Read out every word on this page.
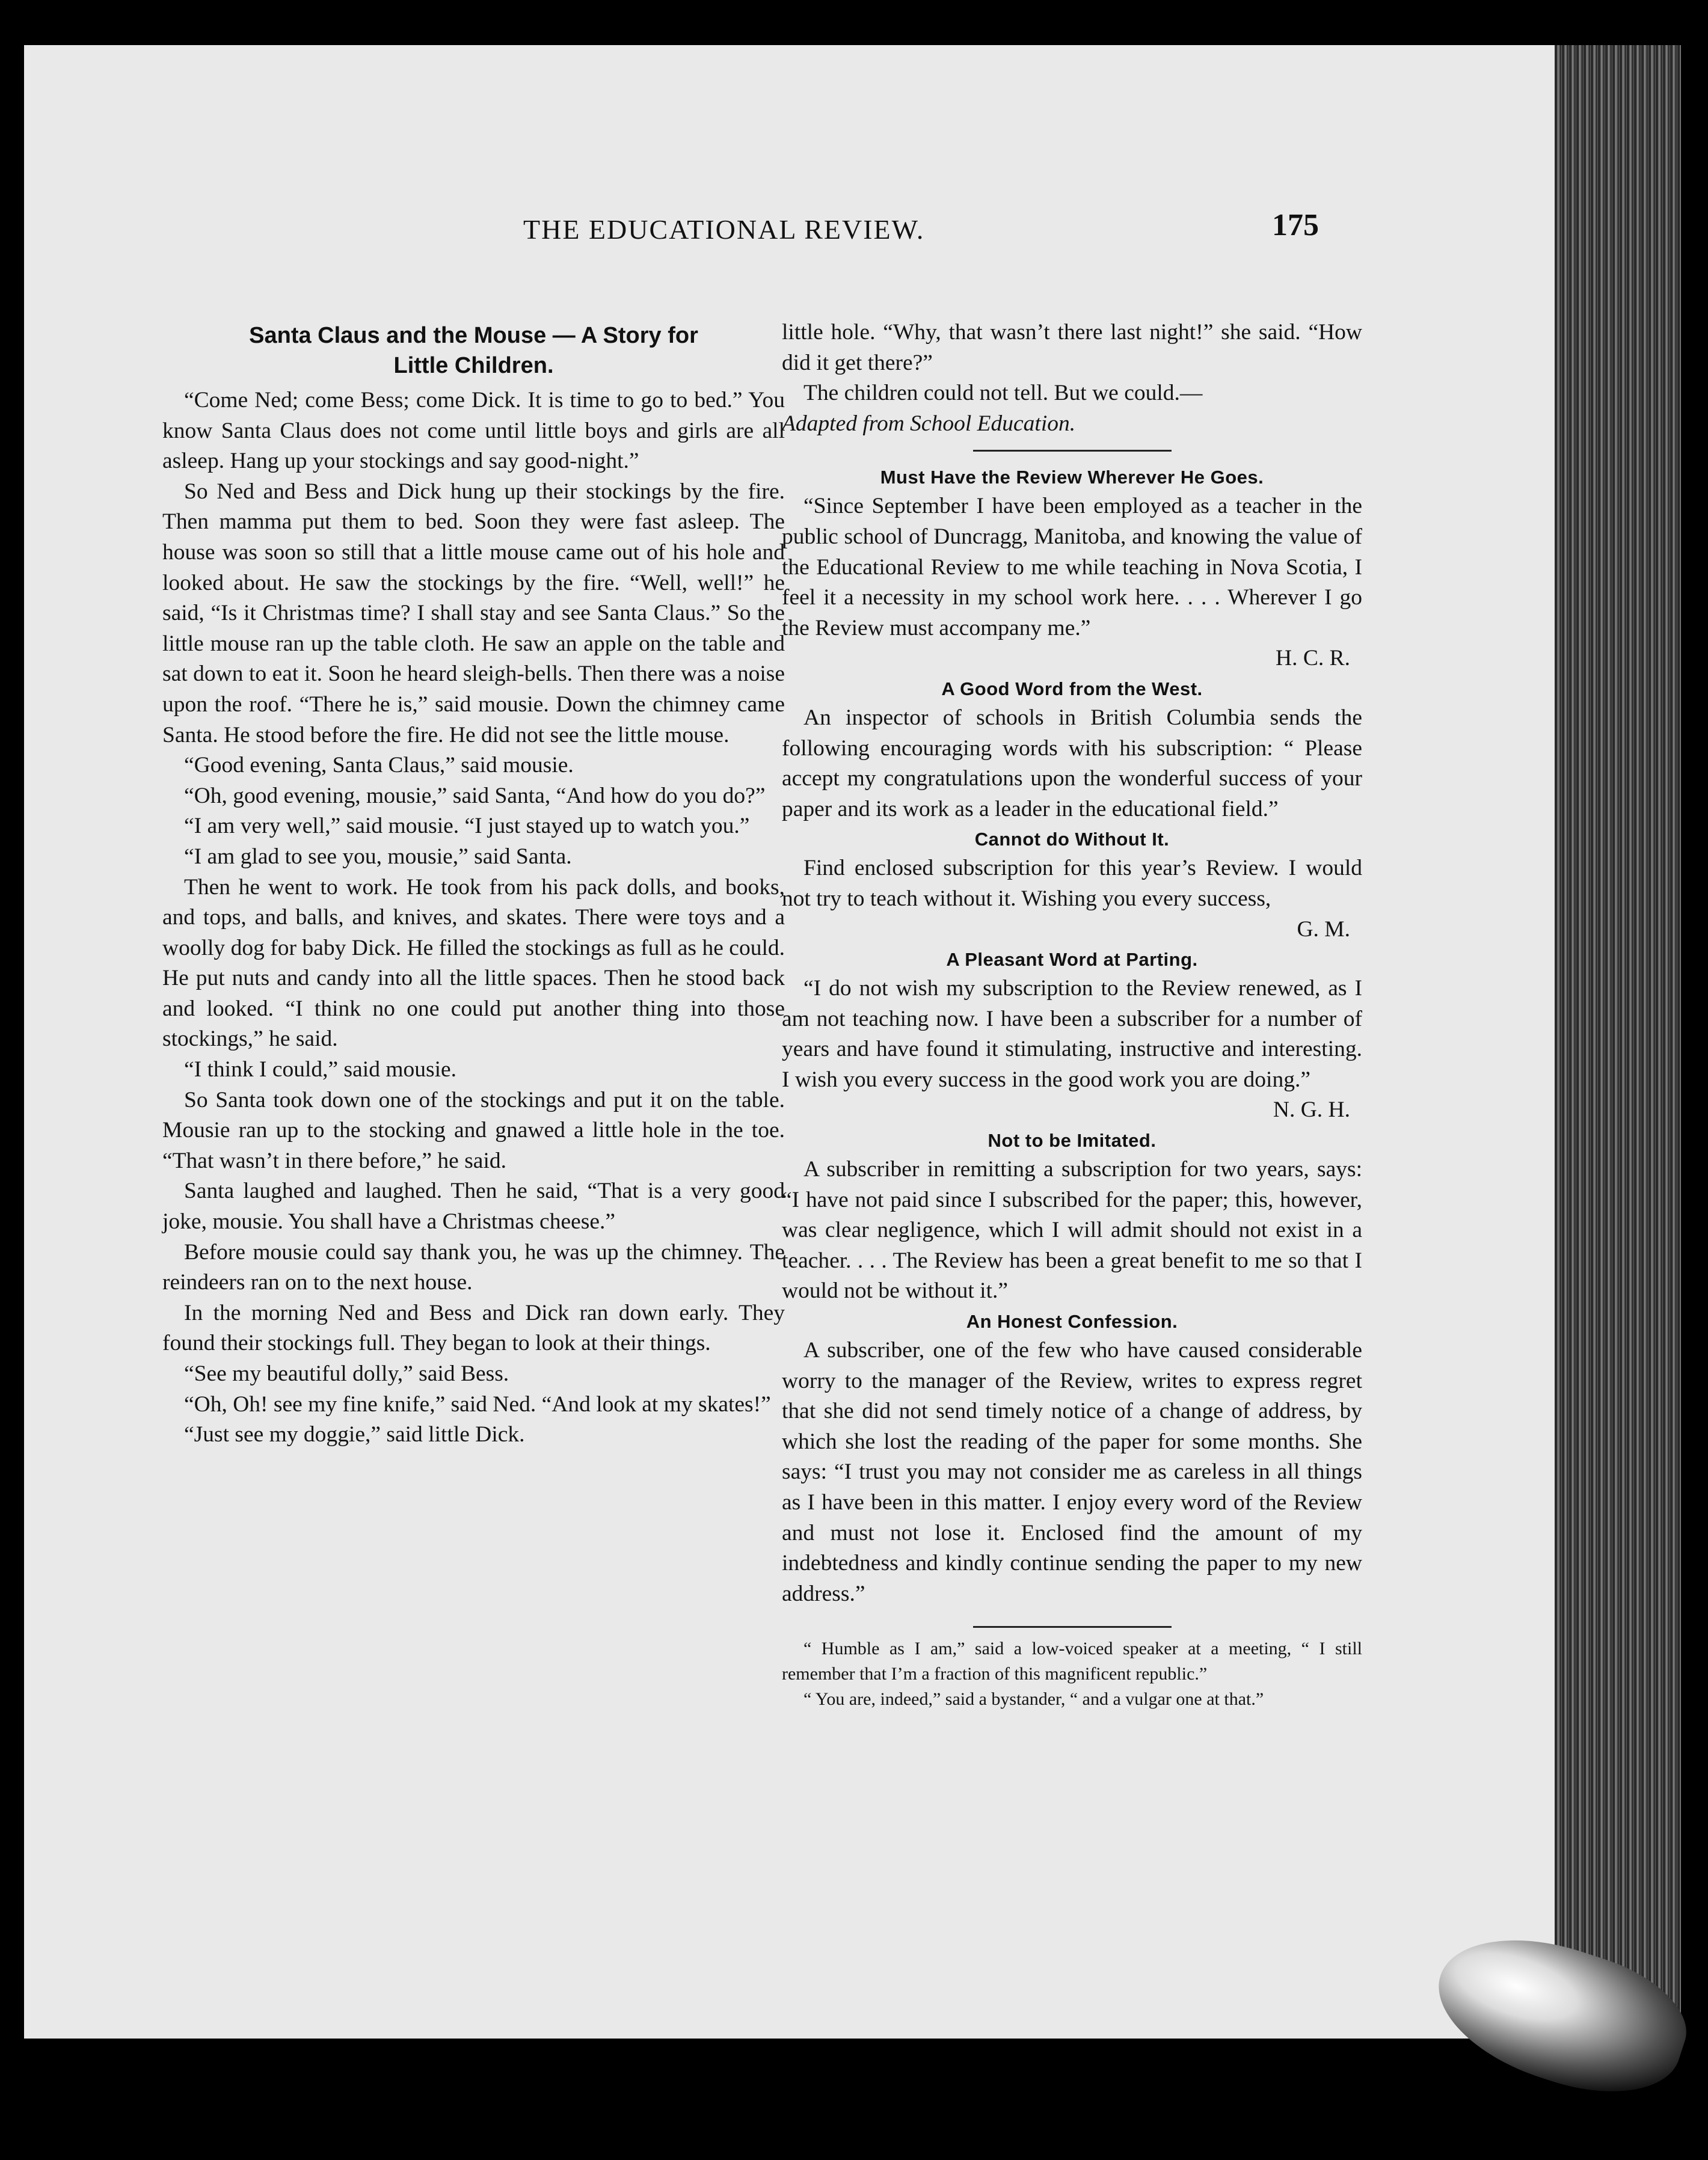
THE EDUCATIONAL REVIEW.	175
Santa Claus and the Mouse — A Story for
Little Children.

“Come Ned; come Bess; come Dick. It is time to go to bed.” You know Santa Claus does not come until little boys and girls are all asleep. Hang up your stockings and say good-night.”

So Ned and Bess and Dick hung up their stockings by the fire. Then mamma put them to bed. Soon they were fast asleep. The house was soon so still that a little mouse came out of his hole and looked about. He saw the stockings by the fire. “Well, well!” he said, “Is it Christmas time? I shall stay and see Santa Claus.” So the little mouse ran up the table cloth. He saw an apple on the table and sat down to eat it. Soon he heard sleigh-bells. Then there was a noise upon the roof. “There he is,” said mousie. Down the chimney came Santa. He stood before the fire. He did not see the little mouse.

“Good evening, Santa Claus,” said mousie.

“Oh, good evening, mousie,” said Santa, “And how do you do?”

“I am very well,” said mousie. “I just stayed up to watch you.”

“I am glad to see you, mousie,” said Santa.

Then he went to work. He took from his pack dolls, and books, and tops, and balls, and knives, and skates. There were toys and a woolly dog for baby Dick. He filled the stockings as full as he could. He put nuts and candy into all the little spaces. Then he stood back and looked. “I think no one could put another thing into those stockings,” he said.

“I think I could,” said mousie.

So Santa took down one of the stockings and put it on the table. Mousie ran up to the stocking and gnawed a little hole in the toe. “That wasn’t in there before,” he said.

Santa laughed and laughed. Then he said, “That is a very good joke, mousie. You shall have a Christmas cheese.”

Before mousie could say thank you, he was up the chimney. The reindeers ran on to the next house.

In the morning Ned and Bess and Dick ran down early. They found their stockings full. They began to look at their things.

“See my beautiful dolly,” said Bess.

“Oh, Oh! see my fine knife,” said Ned. “And look at my skates!”

“Just see my doggie,” said little Dick.

little hole. “Why, that wasn’t there last night!” she said. “How did it get there?”

The children could not tell. But we could.—

Adapted from School Education.

Must Have the Review Wherever He Goes.

“Since September I have been employed as a teacher in the public school of Duncragg, Manitoba, and knowing the value of the Educational Review to me while teaching in Nova Scotia, I feel it a necessity in my school work here. . . . Wherever I go the Review must accompany me.”

H. C. R.
A Good Word from the West.

An inspector of schools in British Columbia sends the following encouraging words with his subscription: “ Please accept my congratulations upon the wonderful success of your paper and its work as a leader in the educational field.”

Cannot do Without It.

Find enclosed subscription for this year’s Review. I would not try to teach without it. Wishing you every success,

G. M.
A Pleasant Word at Parting.

“I do not wish my subscription to the Review renewed, as I am not teaching now. I have been a subscriber for a number of years and have found it stimulating, instructive and interesting. I wish you every success in the good work you are doing.”

N. G. H.
Not to be Imitated.

A subscriber in remitting a subscription for two years, says: “I have not paid since I subscribed for the paper; this, however, was clear negligence, which I will admit should not exist in a teacher. . . . The Review has been a great benefit to me so that I would not be without it.”

An Honest Confession.

A subscriber, one of the few who have caused considerable worry to the manager of the Review, writes to express regret that she did not send timely notice of a change of address, by which she lost the reading of the paper for some months. She says: “I trust you may not consider me as careless in all things as I have been in this matter. I enjoy every word of the Review and must not lose it. Enclosed find the amount of my indebtedness and kindly continue sending the paper to my new address.”

“ Humble as I am,” said a low-voiced speaker at a meeting, “ I still remember that I’m a fraction of this magnificent republic.”

“ You are, indeed,” said a bystander, “ and a vulgar one at that.”
